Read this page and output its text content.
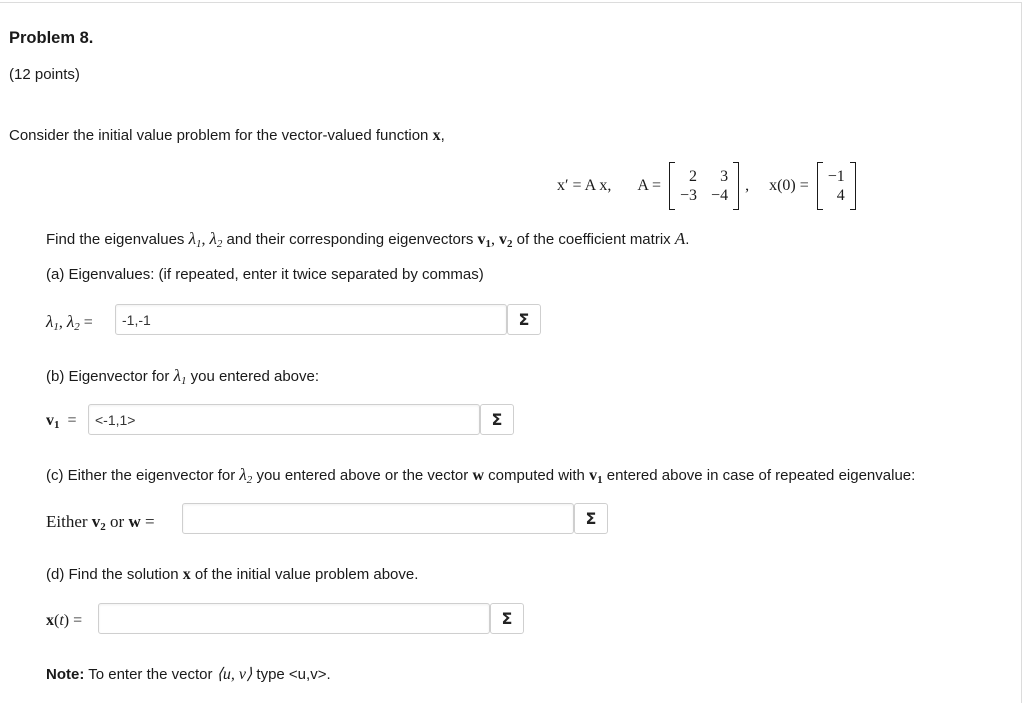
Problem 8.
(12 points)
Consider the initial value problem for the vector-valued function x,
x′ = A x, A =
2	3
−3 −4
, x(0) =
−1
4
Find the eigenvalues $\lambda_1$, $\lambda_2$ and their corresponding eigenvectors $v_1$, $v_2$ of the coefficient matrix A.
(a) Eigenvalues: (if repeated, enter it twice separated by commas)
$\lambda_1$, $\lambda_2$ =
-1,-1	Σ
(b) Eigenvector for $\lambda_1$ you entered above:
$v_1$  =
<-1,1>	Σ
(c) Either the eigenvector for $\lambda_2$ you entered above or the vector w computed with $v_1$ entered above in case of repeated eigenvalue:
Either $v_2$ or w =	Σ
(d) Find the solution x of the initial value problem above.
x(t) =	Σ
Note: To enter the vector ⟨u, v⟩ type <u,v>.
